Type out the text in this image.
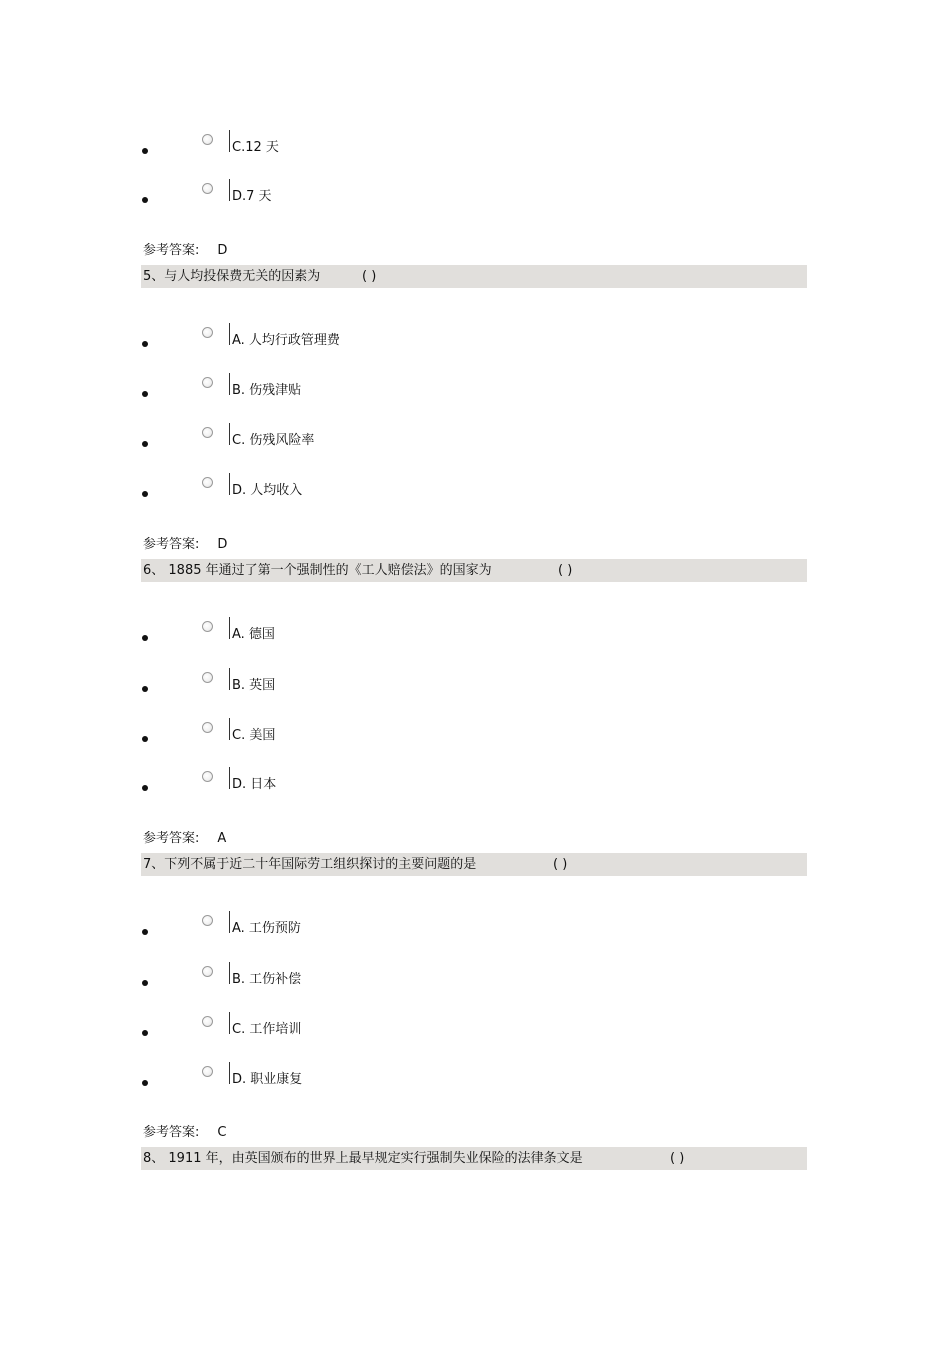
C.12 天
D.7 天
参考答案: D
5、与人均投保费无关的因素为	( )
A. 人均行政管理费
B. 伤残津贴
C. 伤残风险率
D. 人均收入
参考答案: D
6、 1885 年通过了第一个强制性的《工人赔偿法》的国家为	( )
A. 德国
B. 英国
C. 美国
D. 日本
参考答案: A
7、下列不属于近二十年国际劳工组织探讨的主要问题的是	( )
A. 工伤预防
B. 工伤补偿
C. 工作培训
D. 职业康复
参考答案: C
8、 1911 年，由英国颁布的世界上最早规定实行强制失业保险的法律条文是	( )
